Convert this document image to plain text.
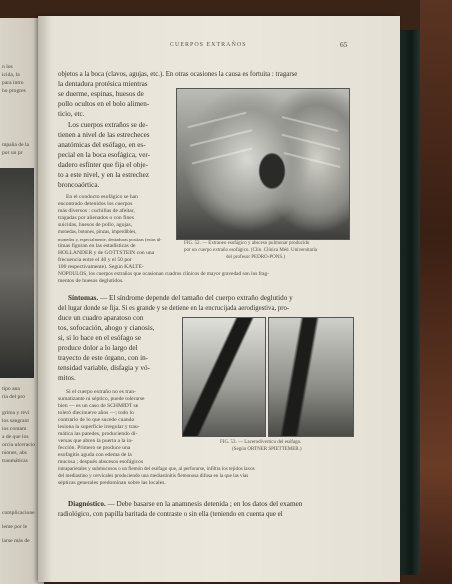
n los
icida, la
para intro
ho progres
mpaña de la
por un pr
tipo ana
ría del pro
grima y revi
los sangrant
ios contam
a de que los
orcia ulceracio
niones, abs
traumáticas
complicacione
lente por le
larse más de
CUERPOS EXTRAÑOS	65
objetos a la boca (clavos, agujas, etc.). En otras ocasiones la causa es fortuita : tragarse
la dentadura protésica mientras
se duerme, espinas, huesos de
pollo ocultos en el bolo alimen-
ticio, etc.
Los cuerpos extraños se de-
tienen a nivel de las estrecheces
anatómicas del esófago, en es-
pecial en la boca esofágica, ver-
dadero esfínter que fija el obje-
to a este nivel, y en la estrechez
broncoaórtica.
En el conducto esofágico se han
encontrado detenidos los cuerpos
más diversos : cuchillas de afeitar,
tragadas por alienados o con fines
suicidas, huesos de pollo, agujas,
monedas, botones, pinzas, imperdibles,
monedas y, especialmente, dentaduras postizas (estas úl-
timas figuran en las estadísticas de
HOLLANDER y de GOTTSTEIN con una
frecuencia entre el 40 y el 50 por
100 respectivamente). Según KALTE-
NOPOULOS, los cuerpos extraños que ocasionan cuadros clínicos de mayor gravedad son los frag-
mentos de huesos deglutidos.
FIG. 52. — Extraneo esofágico y absceso pulmonar producido
por un cuerpo extraño esofágico. (Clín. Clínica Méd. Universitaria
del profesor PEDRO-PONS.)
Síntomas. — El síndrome depende del tamaño del cuerpo extraño deglutido y
del lugar donde se fija. Si es grande y se detiene en la encrucijada aerodigestiva, pro-
duce un cuadro aparatoso con
tos, sofocación, ahogo y cianosis,
si, si lo hace en el esófago se
produce dolor a lo largo del
trayecto de este órgano, con in-
tensidad variable, disfagia y vó-
mitos.
Si el cuerpo extraño no es tran-
sumatizante ni séptico, puede tolerarse
bien — es un caso de SCHMIDT se
toleró diecinueve años —; todo lo
contrario de lo que sucede cuando
lesiona la superficie irregular y trau-
mática las paredes, produciendo di-
versas que abren la puerta a la in-
fección. Primero se produce una
esofagitis aguda con edema de la
mucosa ; después abscesos esofágicos
intraparietales y submucosos o un flemón del esófago que, al perforarse, infiltra los tejidos laxos
del mediastino y cervicales produciendo una mediastinitis flemonosa difusa en la que las vías
sépticas generales predominan sobre las locales.
FIG. 53. — Lacerodiverticu del esófago.
(Según ORTNER SPIETTEMER.)
Diagnóstico. — Debe basarse en la anamnesis detenida ; en los datos del examen
radiológico, con papilla baritada de contraste o sin ella (teniendo en cuenta que el
